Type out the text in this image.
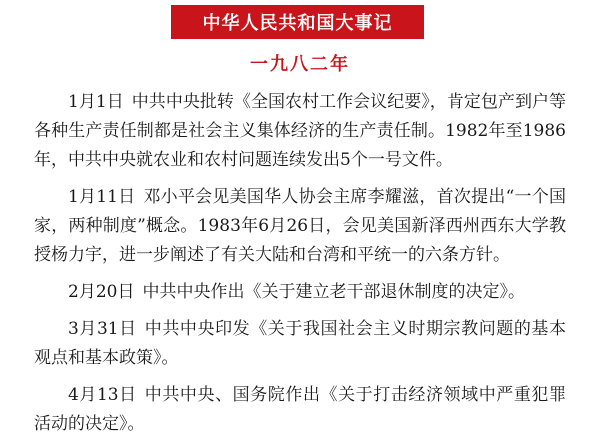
中华人民共和国大事记
一九八二年

1月1日 中共中央批转《全国农村工作会议纪要》，肯定包产到户等各种生产责任制都是社会主义集体经济的生产责任制。1982年至1986年，中共中央就农业和农村问题连续发出5个一号文件。

1月11日 邓小平会见美国华人协会主席李耀滋，首次提出“一个国家，两种制度”概念。1983年6月26日，会见美国新泽西州西东大学教授杨力宇，进一步阐述了有关大陆和台湾和平统一的六条方针。

2月20日 中共中央作出《关于建立老干部退休制度的决定》。

3月31日 中共中央印发《关于我国社会主义时期宗教问题的基本观点和基本政策》。

4月13日 中共中央、国务院作出《关于打击经济领域中严重犯罪活动的决定》。
